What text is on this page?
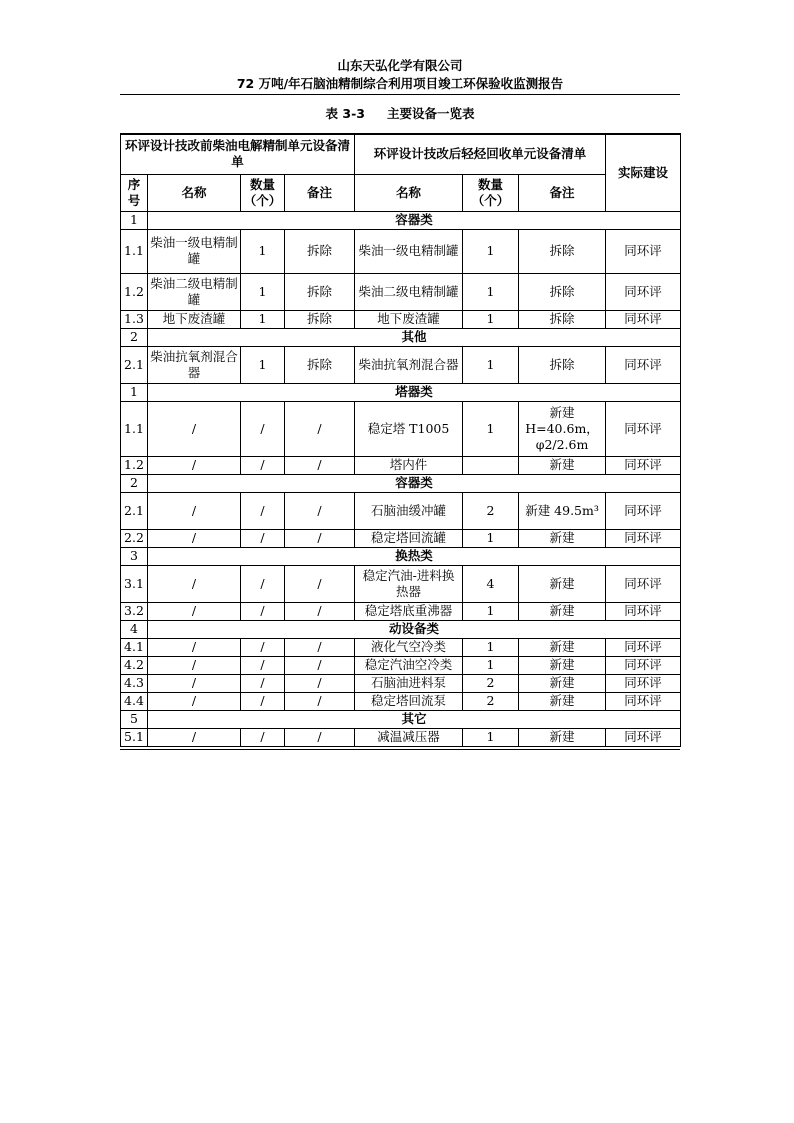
山东天弘化学有限公司
72 万吨/年石脑油精制综合利用项目竣工环保验收监测报告
表 3-3 主要设备一览表
环评设计技改前柴油电解精制单元设备清单				环评设计技改后轻烃回收单元设备清单			实际建设
序号	名称	数量（个）	备注	名称	数量（个）	备注	
1	容器类						
1.1	柴油一级电精制罐	1	拆除	柴油一级电精制罐	1	拆除	同环评
1.2	柴油二级电精制罐	1	拆除	柴油二级电精制罐	1	拆除	同环评
1.3	地下废渣罐	1	拆除	地下废渣罐	1	拆除	同环评
2	其他						
2.1	柴油抗氧剂混合器	1	拆除	柴油抗氧剂混合器	1	拆除	同环评
1	塔器类						
1.1	/	/	/	稳定塔 T1005	1	新建H=40.6m，φ2/2.6m	同环评
1.2	/	/	/	塔内件		新建	同环评
2	容器类						
2.1	/	/	/	石脑油缓冲罐	2	新建 49.5m³	同环评
2.2	/	/	/	稳定塔回流罐	1	新建	同环评
3	换热类						
3.1	/	/	/	稳定汽油-进料换热器	4	新建	同环评
3.2	/	/	/	稳定塔底重沸器	1	新建	同环评
4	动设备类						
4.1	/	/	/	液化气空冷类	1	新建	同环评
4.2	/	/	/	稳定汽油空冷类	1	新建	同环评
4.3	/	/	/	石脑油进料泵	2	新建	同环评
4.4	/	/	/	稳定塔回流泵	2	新建	同环评
5	其它						
5.1	/	/	/	减温减压器	1	新建	同环评
